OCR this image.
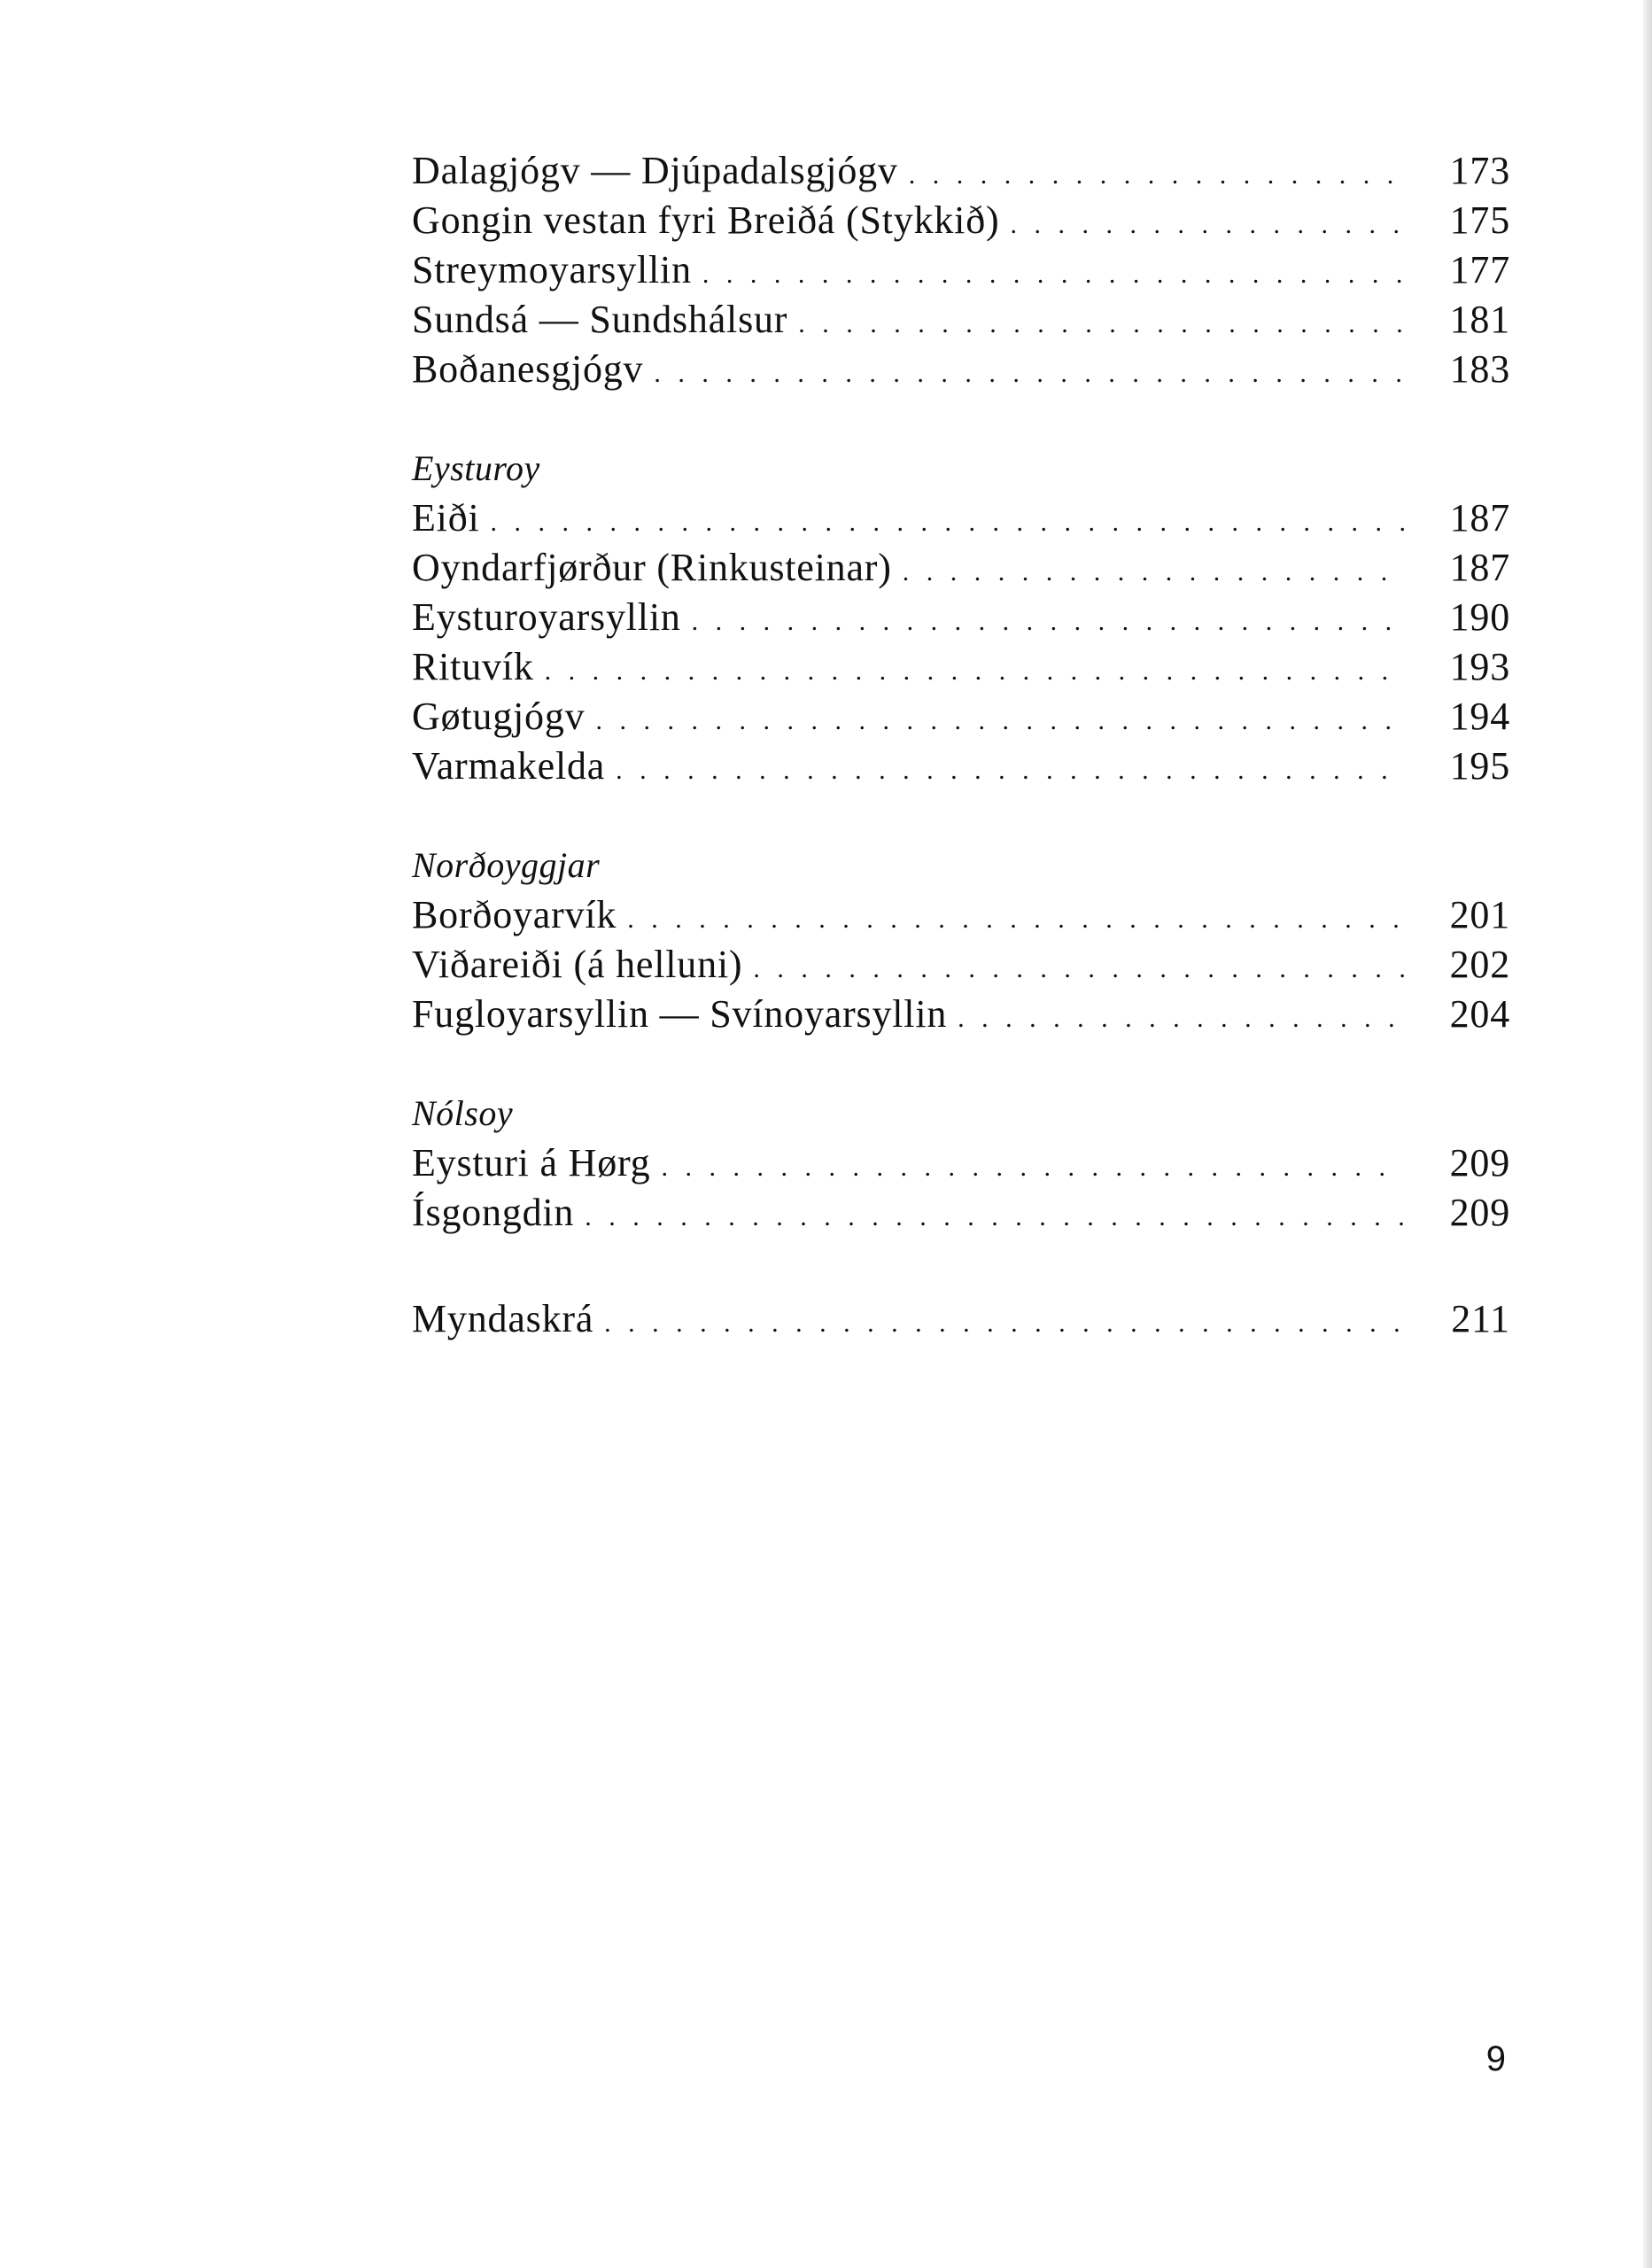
Dalagjógv — Djúpadalsgjógv . . .	173
Gongin vestan fyri Breiðá (Stykkið) . . .	175
Streymoyarsyllin . . .	177
Sundsá — Sundshálsur . . .	181
Boðanesgjógv . . .	183
Eysturoy
Eiði . . .	187
Oyndarfjørður (Rinkusteinar) . . .	187
Eysturoyarsyllin . . .	190
Rituvík . . .	193
Gøtugjógv . . .	194
Varmakelda . . .	195
Norðoyggjar
Borðoyarvík . . .	201
Viðareiði (á helluni) . . .	202
Fugloyarsyllin — Svínoyarsyllin . . .	204
Nólsoy
Eysturi á Hørg . . .	209
Ísgongdin . . .	209
Myndaskrá . . .	211
9
